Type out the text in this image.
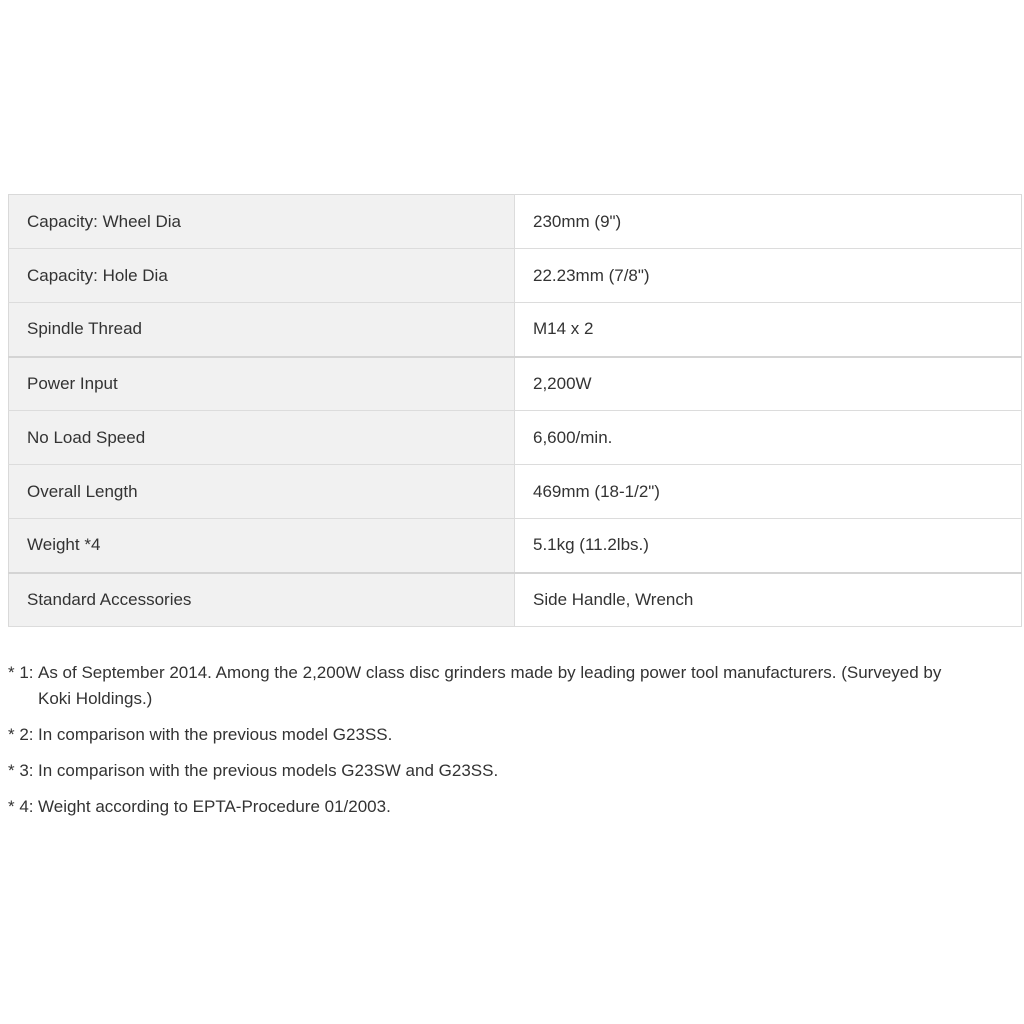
Capacity: Wheel Dia	230mm (9")
Capacity: Hole Dia	22.23mm (7/8")
Spindle Thread	M14 x 2
Power Input	2,200W
No Load Speed	6,600/min.
Overall Length	469mm (18-1/2")
Weight *4	5.1kg (11.2lbs.)
Standard Accessories	Side Handle, Wrench
* 1: As of September 2014. Among the 2,200W class disc grinders made by leading power tool manufacturers. (Surveyed by Koki Holdings.)
* 2: In comparison with the previous model G23SS.
* 3: In comparison with the previous models G23SW and G23SS.
* 4: Weight according to EPTA-Procedure 01/2003.
